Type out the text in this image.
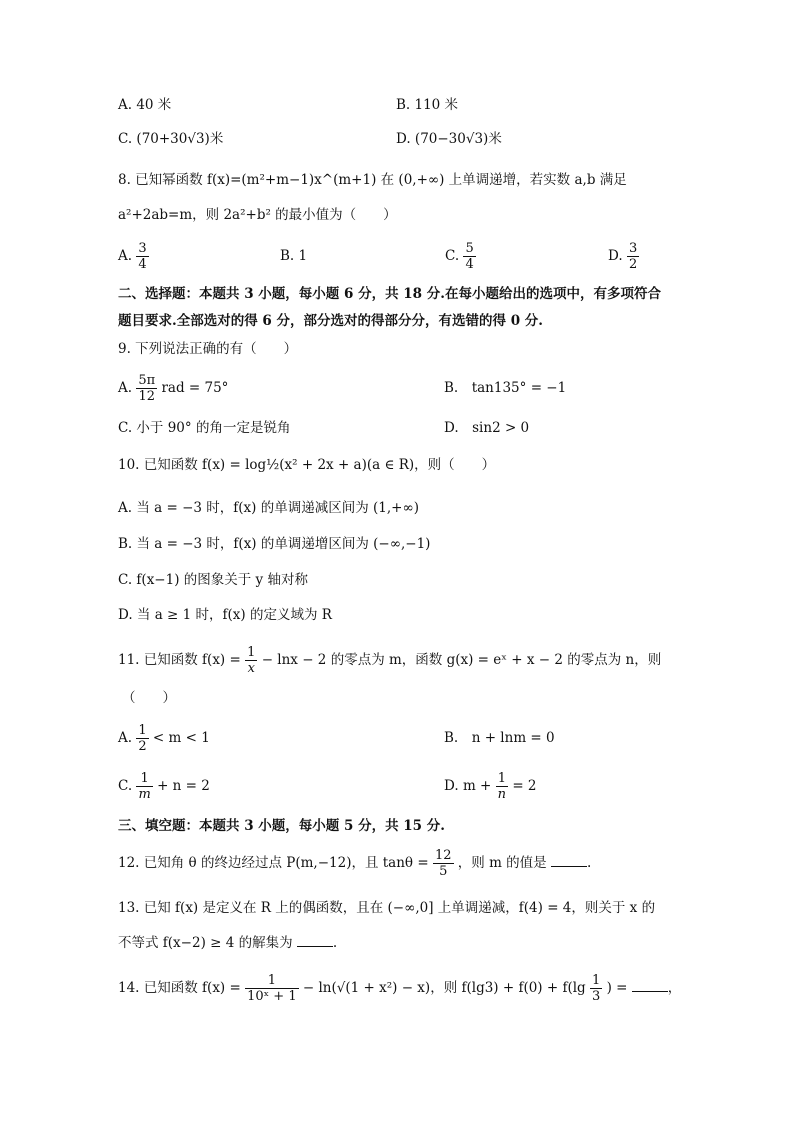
A. 40 米	B. 110 米
C. (70+30√3)米	D. (70−30√3)米
8. 已知幂函数 f(x)=(m²+m−1)x^(m+1) 在 (0,+∞) 上单调递增，若实数 a,b 满足
a²+2ab=m，则 2a²+b² 的最小值为（　　）
A. $\frac{3}{4}$	B. 1	C. $\frac{5}{4}$	D. $\frac{3}{2}$
二、选择题：本题共 3 小题，每小题 6 分，共 18 分.在每小题给出的选项中，有多项符合
题目要求.全部选对的得 6 分，部分选对的得部分分，有选错的得 0 分.
9. 下列说法正确的有（　　）
A. $\frac{5\pi}{12}$ rad = 75°	B.　tan135° = −1
C. 小于 90° 的角一定是锐角	D.　sin2 > 0
10. 已知函数 f(x) = log½(x² + 2x + a)(a ∈ R)，则（　　）
A. 当 a = −3 时，f(x) 的单调递减区间为 (1,+∞)
B. 当 a = −3 时，f(x) 的单调递增区间为 (−∞,−1)
C. f(x−1) 的图象关于 y 轴对称
D. 当 a ≥ 1 时，f(x) 的定义域为 R
11. 已知函数 $f(x) = \frac{1}{x} - \ln x - 2$ 的零点为 m，函数 g(x) = eˣ + x − 2 的零点为 n，则
（　　）
A. $\frac{1}{2} < m < 1$	B.　n + lnm = 0
C. $\frac{1}{m} + n = 2$	D. $m + \frac{1}{n} = 2$
三、填空题：本题共 3 小题，每小题 5 分，共 15 分.
12. 已知角 θ 的终边经过点 P(m,−12)，且 $\tan\theta = \frac{12}{5}$ ，则 m 的值是	.
13. 已知 f(x) 是定义在 R 上的偶函数，且在 (−∞,0] 上单调递减，f(4) = 4，则关于 x 的
不等式 f(x−2) ≥ 4 的解集为	.
14. 已知函数 $f(x) = \frac{1}{\text{10ˣ + 1}} - \ln(√(1 + x^2) - x)$，则 $f(\lg 3) + f(0) + f(\lg \frac{1}{3}$ ) =	，
